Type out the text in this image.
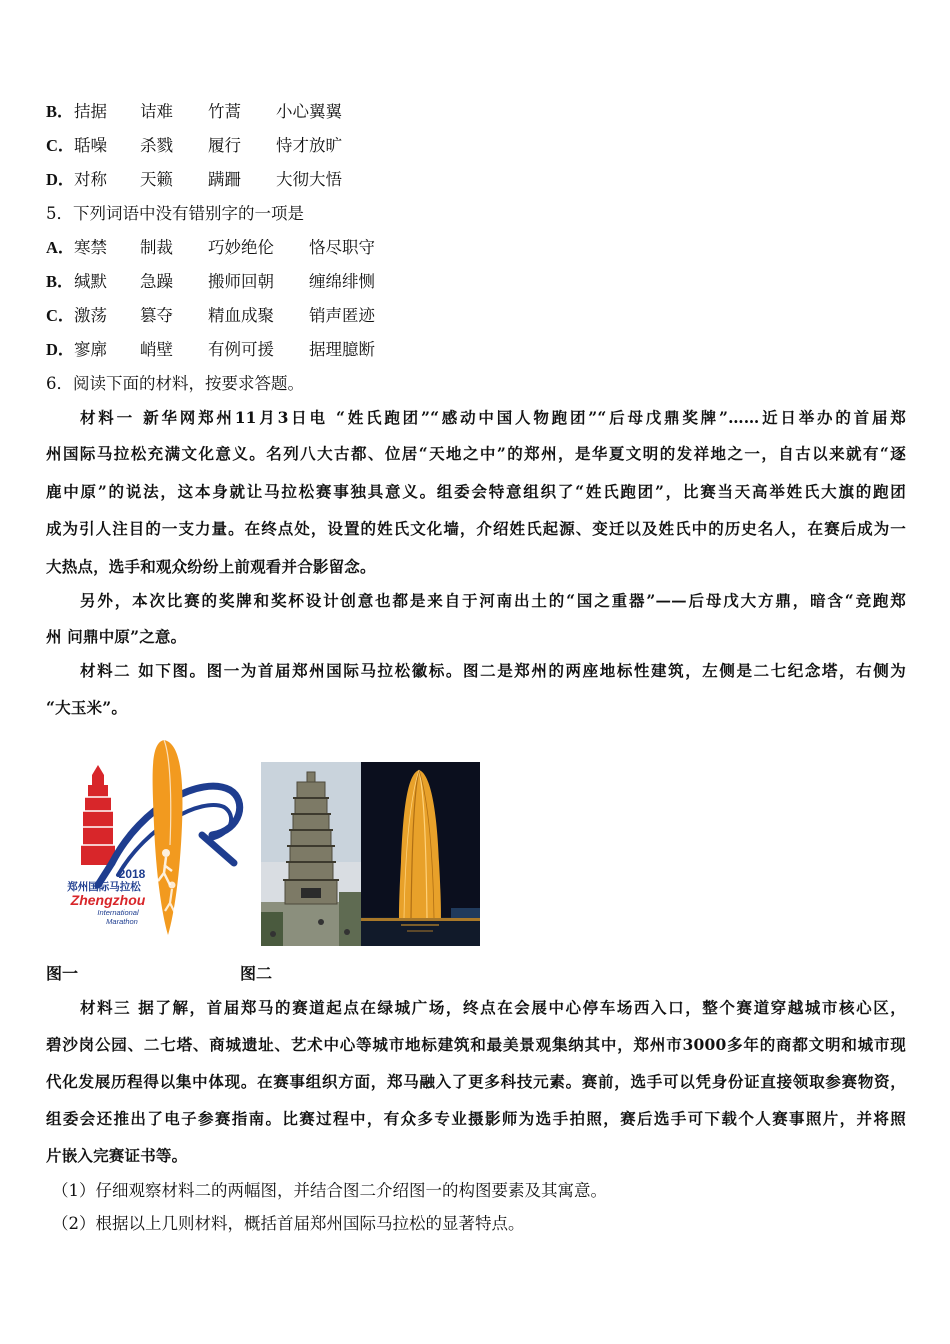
B． 拮据 诘难 竹蒿 小心翼翼
C． 聒噪 杀戮 履行 恃才放旷
D． 对称 天籁 蹒跚 大彻大悟
5．下列词语中没有错别字的一项是
A． 寒禁 制裁 巧妙绝伦 恪尽职守
B． 缄默 急躁 搬师回朝 缠绵绯恻
C． 激荡 篡夺 精血成聚 销声匿迹
D． 寥廓 峭壁 有例可援 据理臆断
6．阅读下面的材料，按要求答题。
材料一 新华网郑州11月3日电 “姓氏跑团”“感动中国人物跑团”“后母戊鼎奖牌”……近日举办的首届郑
州国际马拉松充满文化意义。名列八大古都、位居“天地之中”的郑州，是华夏文明的发祥地之一，自古以来就有“逐
鹿中原”的说法，这本身就让马拉松赛事独具意义。组委会特意组织了“姓氏跑团”，比赛当天高举姓氏大旗的跑团
成为引人注目的一支力量。在终点处，设置的姓氏文化墙，介绍姓氏起源、变迁以及姓氏中的历史名人，在赛后成为一
大热点，选手和观众纷纷上前观看并合影留念。
另外，本次比赛的奖牌和奖杯设计创意也都是来自于河南出土的“国之重器”——后母戊大方鼎，暗含“竞跑郑
州 问鼎中原”之意。
材料二 如下图。图一为首届郑州国际马拉松徽标。图二是郑州的两座地标性建筑，左侧是二七纪念塔，右侧为
“大玉米”。
2018
郑州国际马拉松
Zhengzhou
International
Marathon
图一	图二
材料三 据了解，首届郑马的赛道起点在绿城广场，终点在会展中心停车场西入口，整个赛道穿越城市核心区，
碧沙岗公园、二七塔、商城遗址、艺术中心等城市地标建筑和最美景观集纳其中，郑州市3000多年的商都文明和城市现
代化发展历程得以集中体现。在赛事组织方面，郑马融入了更多科技元素。赛前，选手可以凭身份证直接领取参赛物资，
组委会还推出了电子参赛指南。比赛过程中，有众多专业摄影师为选手拍照，赛后选手可下载个人赛事照片，并将照
片嵌入完赛证书等。
（1）仔细观察材料二的两幅图，并结合图二介绍图一的构图要素及其寓意。
（2）根据以上几则材料，概括首届郑州国际马拉松的显著特点。
